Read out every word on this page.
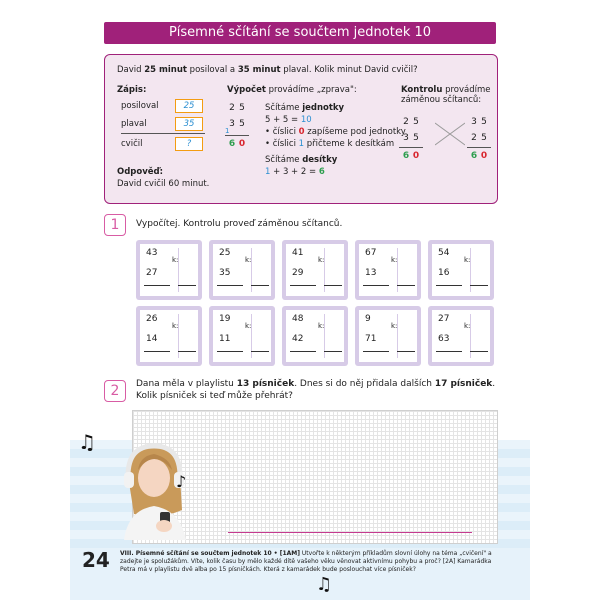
Písemné sčítání se součtem jednotek 10
David 25 minut posiloval a 35 minut plaval. Kolik minut David cvičil?
Zápis:
posiloval	25
plaval	35
cvičil	?
Odpověď:
David cvičil 60 minut.
Výpočet provádíme „zprava":
2 5
3 5
1
6 0
Sčítáme jednotky
5 + 5 = 10
• číslici 0 zapíšeme pod jednotky
• číslici 1 přičteme k desítkám
Sčítáme desítky
1 + 3 + 2 = 6
Kontrolu provádíme
záměnou sčítanců:
2 5
3 5
6 0
3 5
2 5
6 0
1	Vypočítej. Kontrolu proveď záměnou sčítanců.
43
27
k:
25
35
k:
41
29
k:
67
13
k:
54
16
k:
26
14
k:
19
11
k:
48
42
k:
9
71
k:
27
63
k:
2	Dana měla v playlistu 13 písniček. Dnes si do něj přidala dalších 17 písniček. Kolik písniček si teď může přehrát?
♫
♪
♫
24 VIII. Písemné sčítání se součtem jednotek 10 • [1AM] Utvořte k některým příkladům slovní úlohy na téma „cvičení" a zadejte je spolužákům. Víte, kolik času by mělo každé dítě vašeho věku věnovat aktivnímu pohybu a proč? [2A] Kamarádka Petra má v playlistu dvě alba po 15 písničkách. Která z kamarádek bude poslouchat více písniček?
